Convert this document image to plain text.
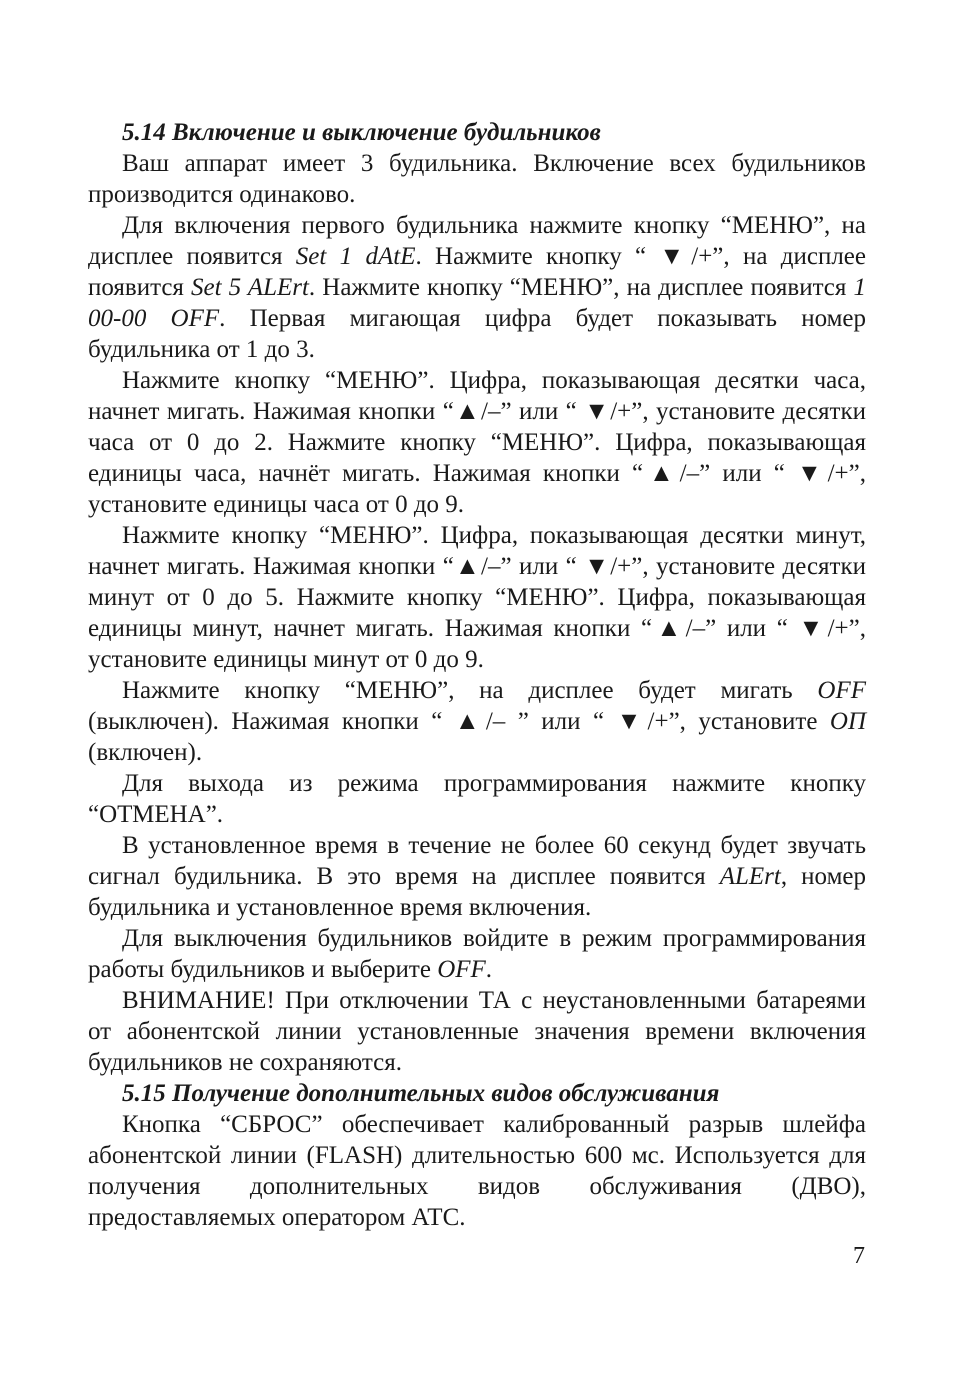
5.14 Включение и выключение будильников

Ваш аппарат имеет 3 будильника. Включение всех будильников производится одинаково.

Для включения первого будильника нажмите кнопку “МЕНЮ”, на дисплее появится Set 1 dAtE. Нажмите кнопку “ ▼/+”, на дисплее появится Set 5 ALErt. Нажмите кнопку “МЕНЮ”, на дисплее появится 1 00-00 OFF. Первая мигающая цифра будет показывать номер будильника от 1 до 3.

Нажмите кнопку “МЕНЮ”. Цифра, показывающая десятки часа, начнет мигать. Нажимая кнопки “▲/–” или “ ▼/+”, установите десятки часа от 0 до 2. Нажмите кнопку “МЕНЮ”. Цифра, показывающая единицы часа, начнёт мигать. Нажимая кнопки “▲/–” или “ ▼/+”, установите единицы часа от 0 до 9.

Нажмите кнопку “МЕНЮ”. Цифра, показывающая десятки минут, начнет мигать. Нажимая кнопки “▲/–” или “ ▼/+”, установите десятки минут от 0 до 5. Нажмите кнопку “МЕНЮ”. Цифра, показывающая единицы минут, начнет мигать. Нажимая кнопки “▲/–” или “ ▼/+”, установите единицы минут от 0 до 9.

Нажмите кнопку “МЕНЮ”, на дисплее будет мигать OFF (выключен). Нажимая кнопки “ ▲/– ” или “ ▼/+”, установите ОП (включен).

Для выхода из режима программирования нажмите кнопку “ОТМЕНА”.

В установленное время в течение не более 60 секунд будет звучать сигнал будильника. В это время на дисплее появится ALErt, номер будильника и установленное время включения.

Для выключения будильников войдите в режим программирования работы будильников и выберите OFF.

ВНИМАНИЕ! При отключении ТА с неустановленными батареями от абонентской линии установленные значения времени включения будильников не сохраняются.

5.15 Получение дополнительных видов обслуживания

Кнопка “СБРОС” обеспечивает калиброванный разрыв шлейфа абонентской линии (FLASH) длительностью 600 мс. Используется для получения дополнительных видов обслуживания (ДВО), предоставляемых оператором АТС.

7
